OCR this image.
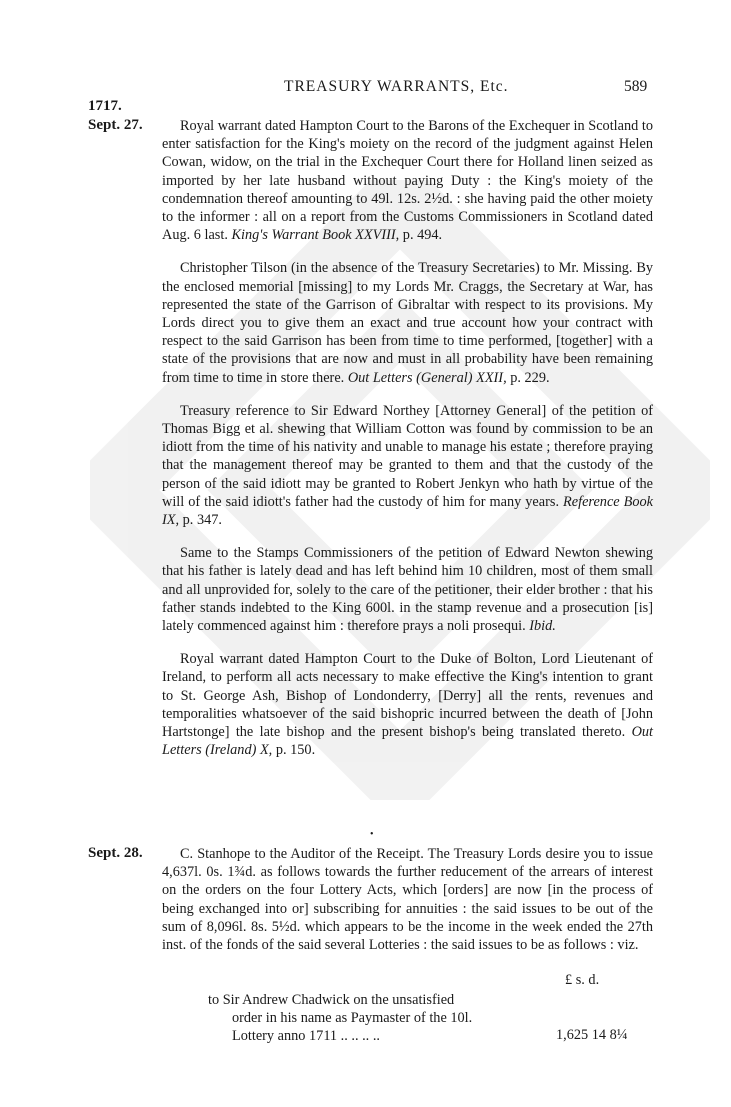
TREASURY WARRANTS, Etc.	589
1717.
Sept. 27.
Sept. 28.

Royal warrant dated Hampton Court to the Barons of the Exchequer in Scotland to enter satisfaction for the King's moiety on the record of the judgment against Helen Cowan, widow, on the trial in the Exchequer Court there for Holland linen seized as imported by her late husband without paying Duty : the King's moiety of the condemnation thereof amounting to 49l. 12s. 2½d. : she having paid the other moiety to the informer : all on a report from the Customs Commissioners in Scotland dated Aug. 6 last. King's Warrant Book XXVIII, p. 494.

Christopher Tilson (in the absence of the Treasury Secretaries) to Mr. Missing. By the enclosed memorial [missing] to my Lords Mr. Craggs, the Secretary at War, has represented the state of the Garrison of Gibraltar with respect to its provisions. My Lords direct you to give them an exact and true account how your contract with respect to the said Garrison has been from time to time performed, [together] with a state of the provisions that are now and must in all probability have been remaining from time to time in store there. Out Letters (General) XXII, p. 229.

Treasury reference to Sir Edward Northey [Attorney General] of the petition of Thomas Bigg et al. shewing that William Cotton was found by commission to be an idiott from the time of his nativity and unable to manage his estate ; therefore praying that the management thereof may be granted to them and that the custody of the person of the said idiott may be granted to Robert Jenkyn who hath by virtue of the will of the said idiott's father had the custody of him for many years. Reference Book IX, p. 347.

Same to the Stamps Commissioners of the petition of Edward Newton shewing that his father is lately dead and has left behind him 10 children, most of them small and all unprovided for, solely to the care of the petitioner, their elder brother : that his father stands indebted to the King 600l. in the stamp revenue and a prosecution [is] lately commenced against him : therefore prays a noli prosequi. Ibid.

Royal warrant dated Hampton Court to the Duke of Bolton, Lord Lieutenant of Ireland, to perform all acts necessary to make effective the King's intention to grant to St. George Ash, Bishop of Londonderry, [Derry] all the rents, revenues and temporalities whatsoever of the said bishopric incurred between the death of [John Hartstonge] the late bishop and the present bishop's being translated thereto. Out Letters (Ireland) X, p. 150.

•

C. Stanhope to the Auditor of the Receipt. The Treasury Lords desire you to issue 4,637l. 0s. 1¾d. as follows towards the further reducement of the arrears of interest on the orders on the four Lottery Acts, which [orders] are now [in the process of being exchanged into or] subscribing for annuities : the said issues to be out of the sum of 8,096l. 8s. 5½d. which appears to be the income in the week ended the 27th inst. of the fonds of the said several Lotteries : the said issues to be as follows : viz.

£ s. d.
to Sir Andrew Chadwick on the unsatisfied
order in his name as Paymaster of the 10l.
Lottery anno 1711 .. .. .. ..	1,625 14 8¼
